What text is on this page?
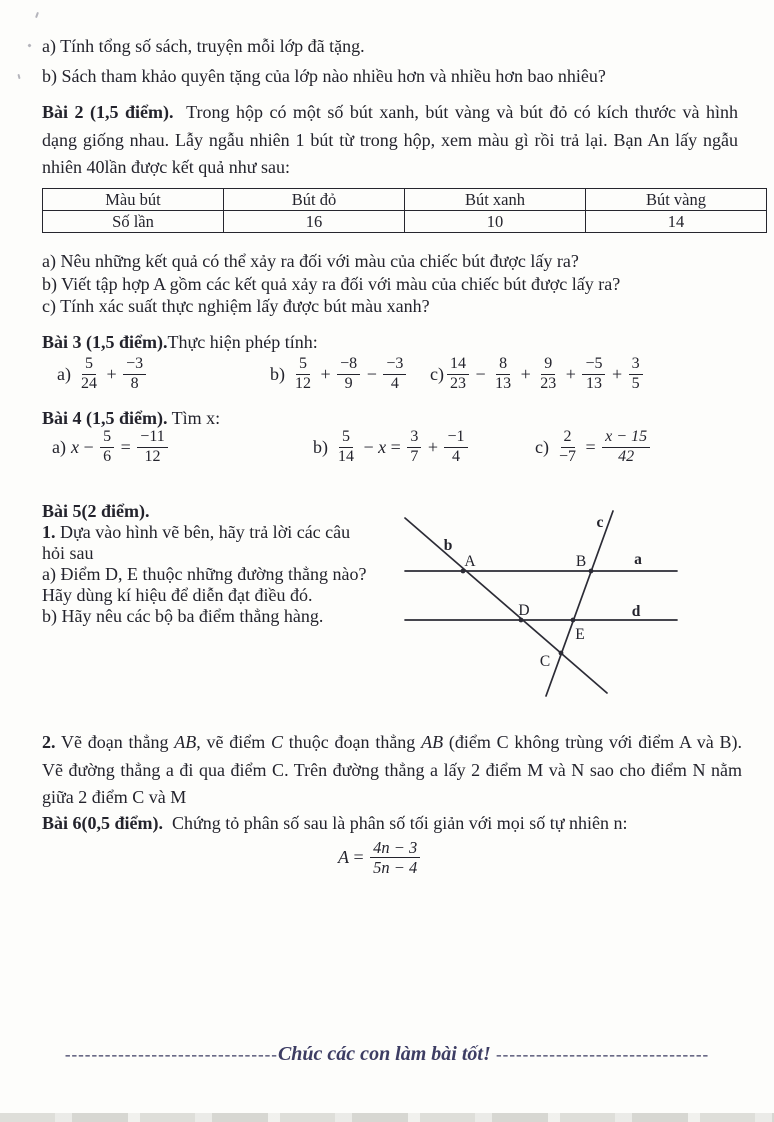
a) Tính tổng số sách, truyện mỗi lớp đã tặng.
b) Sách tham khảo quyên tặng của lớp nào nhiều hơn và nhiều hơn bao nhiêu?
Bài 2 (1,5 điểm).  Trong hộp có một số bút xanh, bút vàng và bút đỏ có kích thước và hình
dạng giống nhau. Lẫy ngẫu nhiên 1 bút từ trong hộp, xem màu gì rồi trả lại. Bạn An lấy ngẫu
nhiên 40lần được kết quả như sau:
Màu bút	Bút đỏ	Bút xanh	Bút vàng
Số lần	16	10	14
a) Nêu những kết quả có thể xảy ra đối với màu của chiếc bút được lấy ra?
b) Viết tập hợp A gồm các kết quả xảy ra đối với màu của chiếc bút được lấy ra?
c) Tính xác suất thực nghiệm lấy được bút màu xanh?
Bài 3 (1,5 điểm).Thực hiện phép tính:
$a) \frac{5}{24} + \frac{-3}{8}$	$b) \frac{5}{12} + \frac{-8}{9} - \frac{-3}{4} c) \frac{14}{23} - \frac{8}{13} + \frac{9}{23} + \frac{-5}{13} + \frac{3}{5}$
Bài 4 (1,5 điểm). Tìm x:
a) $x - \frac{5}{6} = \frac{-11}{12}$	$b) \frac{5}{14} - x = \frac{3}{7} + \frac{-1}{4}$	$c) \frac{2}{-7} = \frac{x - 15}{42}$
Bài 5(2 điểm).
1. Dựa vào hình vẽ bên, hãy trả lời các câu
hỏi sau
a) Điểm D, E thuộc những đường thẳng nào?
Hãy dùng kí hiệu để diễn đạt điều đó.
b) Hãy nêu các bộ ba điểm thẳng hàng.
b
c
A	B	a
D	d
E
C
2. Vẽ đoạn thẳng AB, vẽ điểm C thuộc đoạn thẳng AB (điểm C không trùng với điểm A và B).
Vẽ đường thẳng a đi qua điểm C. Trên đường thẳng a lấy 2 điểm M và N sao cho điểm N nằm
giữa 2 điểm C và M
Bài 6(0,5 điểm).  Chứng tỏ phân số sau là phân số tối giản với mọi số tự nhiên n:
$A = \frac{4n - 3}{5n - 4}$
--------------------------------Chúc các con làm bài tốt! --------------------------------
